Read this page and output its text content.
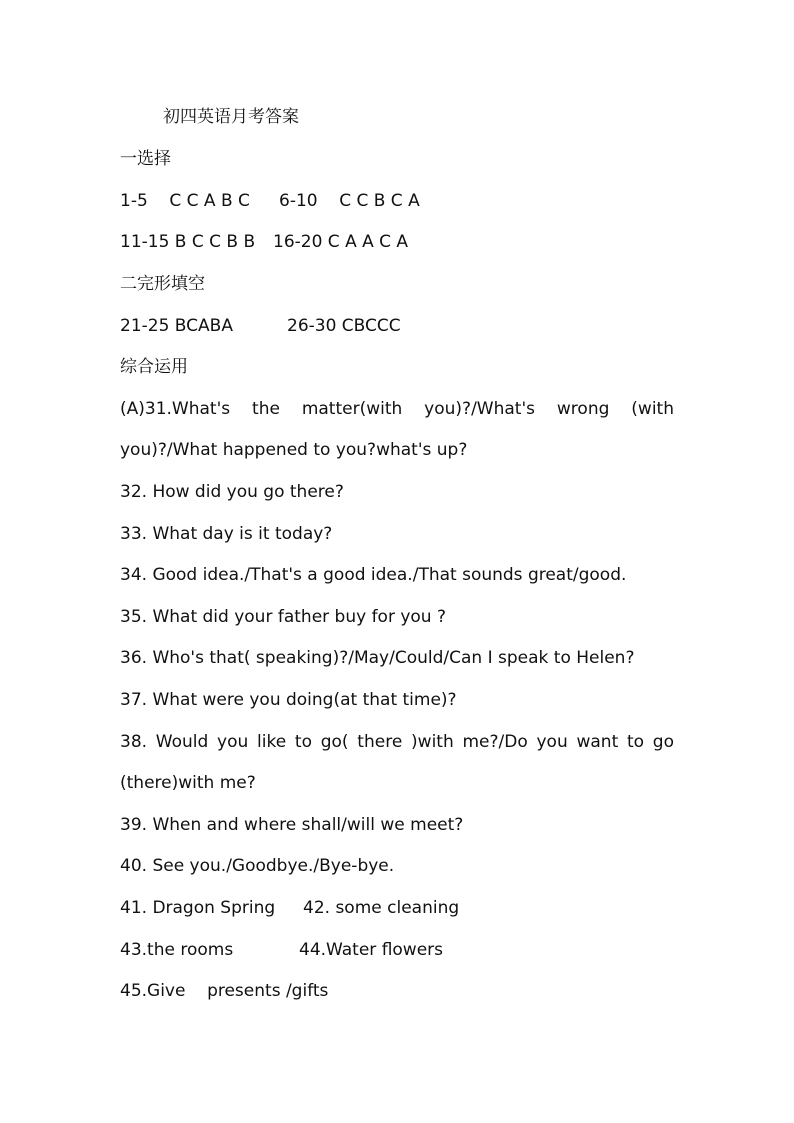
初四英语月考答案
一选择

1-5    C C A B C

6-10    C C B C A

11-15 B C C B B

16-20 C A A C A

二完形填空

21-25 BCABA

	26-30 CBCCC

综合运用
(A)31.What's the matter(with you)?/What's wrong (with
you)?/What happened to you?what's up?
32. How did you go there?
33. What day is it today?
34. Good idea./That's a good idea./That sounds great/good.
35. What did your father buy for you ?
36. Who's that( speaking)?/May/Could/Can I speak to Helen?
37. What were you doing(at that time)?
38. Would you like to go( there )with me?/Do you want to go
(there)with me?
39. When and where shall/will we meet?
40. See you./Goodbye./Bye-bye.

41. Dragon Spring

42. some cleaning

43.the rooms

	44.Water flowers

45.Give    presents /gifts
